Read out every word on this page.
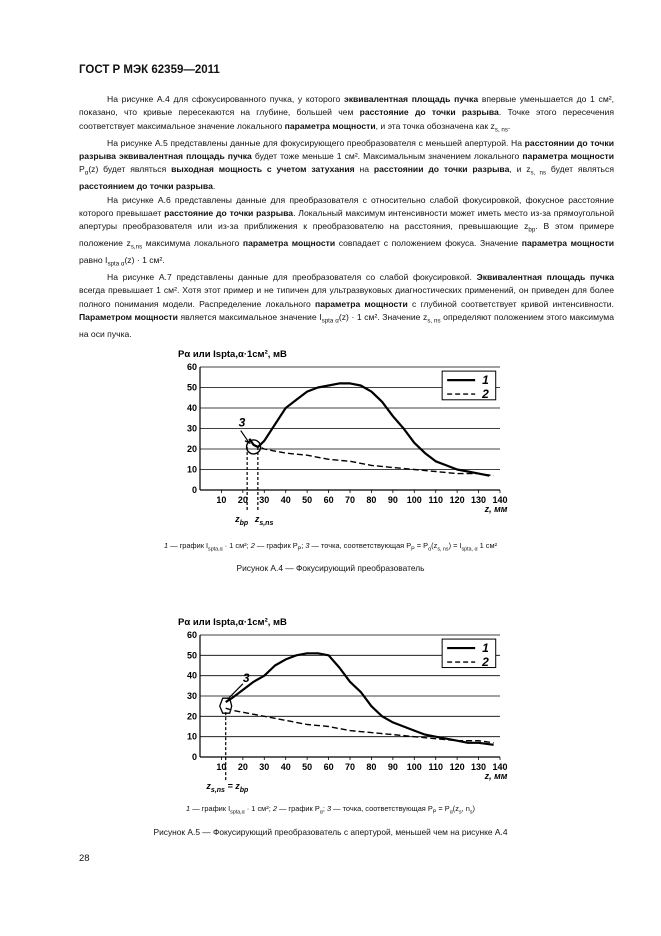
ГОСТ Р МЭК 62359—2011

На рисунке А.4 для сфокусированного пучка, у которого эквивалентная площадь пучка впервые уменьшается до 1 см², показано, что кривые пересекаются на глубине, большей чем расстояние до точки разрыва. Точке этого пересечения соответствует максимальное значение локального параметра мощности, и эта точка обозначена как $z_{s, ns}$.

На рисунке А.5 представлены данные для фокусирующего преобразователя с меньшей апертурой. На расстоянии до точки разрыва эквивалентная площадь пучка будет тоже меньше 1 см². Максимальным значением локального параметра мощности $P_\alpha(z)$ будет являться выходная мощность с учетом затухания на расстоянии до точки разрыва, и $z_{s, ns}$ будет являться расстоянием до точки разрыва.

На рисунке А.6 представлены данные для преобразователя с относительно слабой фокусировкой, фокусное расстояние которого превышает расстояние до точки разрыва. Локальный максимум интенсивности может иметь место из-за прямоугольной апертуры преобразователя или из-за приближения к преобразователю на расстояния, превышающие $z_{bp}$. В этом примере положение $z_{s,ns}$ максимума локального параметра мощности совпадает с положением фокуса. Значение параметра мощности равно $I_{spta \alpha}(z) \cdot 1$ см².

На рисунке А.7 представлены данные для преобразователя со слабой фокусировкой. Эквивалентная площадь пучка всегда превышает 1 см². Хотя этот пример и не типичен для ультразвуковых диагностических применений, он приведен для более полного понимания модели. Распределение локального параметра мощности с глубиной соответствует кривой интенсивности. Параметром мощности является максимальное значение $I_{spta \alpha}(z) \cdot 1$ см². Значение $z_{s, ns}$ определяют положением этого максимума на оси пучка.

10
20
30
40
50
60
0
10 20 30 40 50 60 70 80 90 100 110 120 130 140
z, мм
Pα или Ispta,α·1см², мВ
1
2
3
$z_{bp}$ $z_{s,ns}$
1 — график $I_{spta,\alpha} \cdot 1$ см²; 2 — график $P_P$; 3 — точка, соответствующая $P_P = P_\alpha(z_{s, ns}) = I_{spta, \alpha}$ 1 см²
Рисунок А.4 — Фокусирующий преобразователь
10
20
30
40
50
60
0
10 20 30 40 50 60 70 80 90 100 110 120 130 140
z, мм
Pα или Ispta,α·1см², мВ
1
2
3
$z_{s,ns} = z_{bp}$
1 — график $I_{spta,\alpha} \cdot 1$ см²; 2 — график $P_\alpha$; 3 — точка, соответствующая $P_P = P_\alpha(z_s$, $n_s$)
Рисунок А.5 — Фокусирующий преобразователь с апертурой, меньшей чем на рисунке А.4
28
